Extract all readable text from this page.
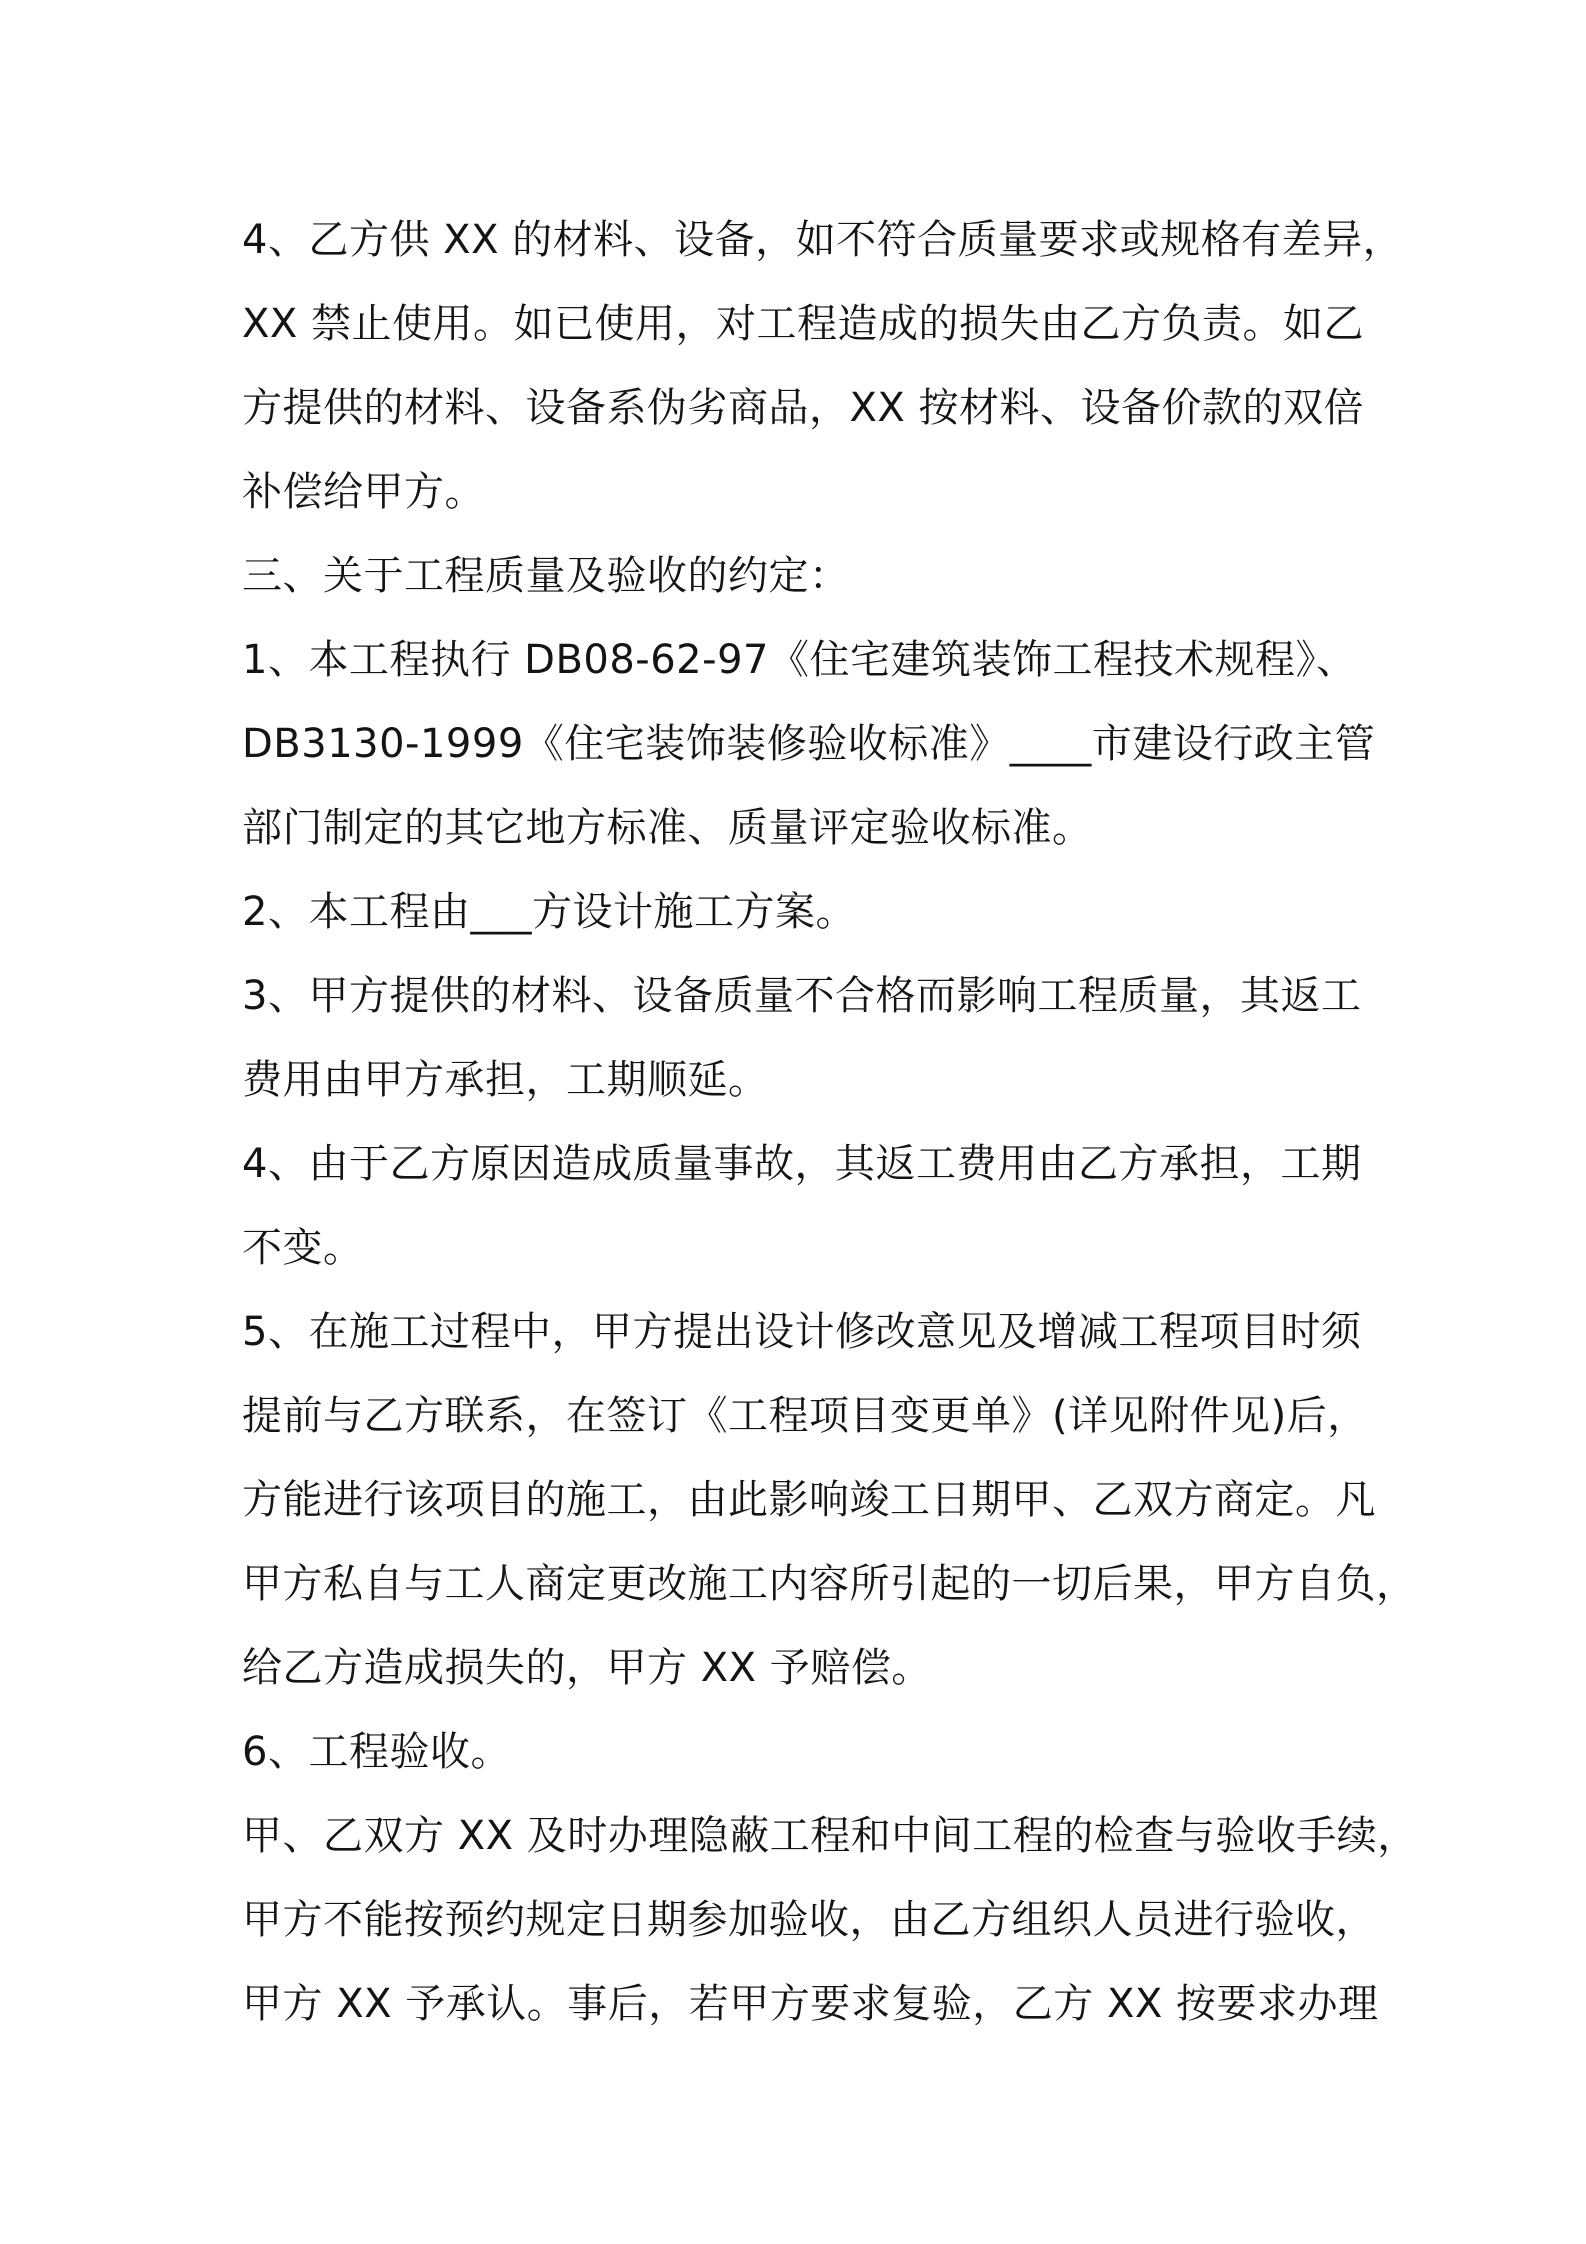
4、乙方供 XX 的材料、设备，如不符合质量要求或规格有差异，
XX 禁止使用。如已使用，对工程造成的损失由乙方负责。如乙
方提供的材料、设备系伪劣商品，XX 按材料、设备价款的双倍
补偿给甲方。
三、关于工程质量及验收的约定：
1、本工程执行 DB08-62-97《住宅建筑装饰工程技术规程》、
DB3130-1999《住宅装饰装修验收标准》____市建设行政主管
部门制定的其它地方标准、质量评定验收标准。
2、本工程由___方设计施工方案。
3、甲方提供的材料、设备质量不合格而影响工程质量，其返工
费用由甲方承担，工期顺延。
4、由于乙方原因造成质量事故，其返工费用由乙方承担，工期
不变。
5、在施工过程中，甲方提出设计修改意见及增减工程项目时须
提前与乙方联系，在签订《工程项目变更单》(详见附件见)后，
方能进行该项目的施工，由此影响竣工日期甲、乙双方商定。凡
甲方私自与工人商定更改施工内容所引起的一切后果，甲方自负，
给乙方造成损失的，甲方 XX 予赔偿。
6、工程验收。
甲、乙双方 XX 及时办理隐蔽工程和中间工程的检查与验收手续，
甲方不能按预约规定日期参加验收，由乙方组织人员进行验收，
甲方 XX 予承认。事后，若甲方要求复验，乙方 XX 按要求办理
